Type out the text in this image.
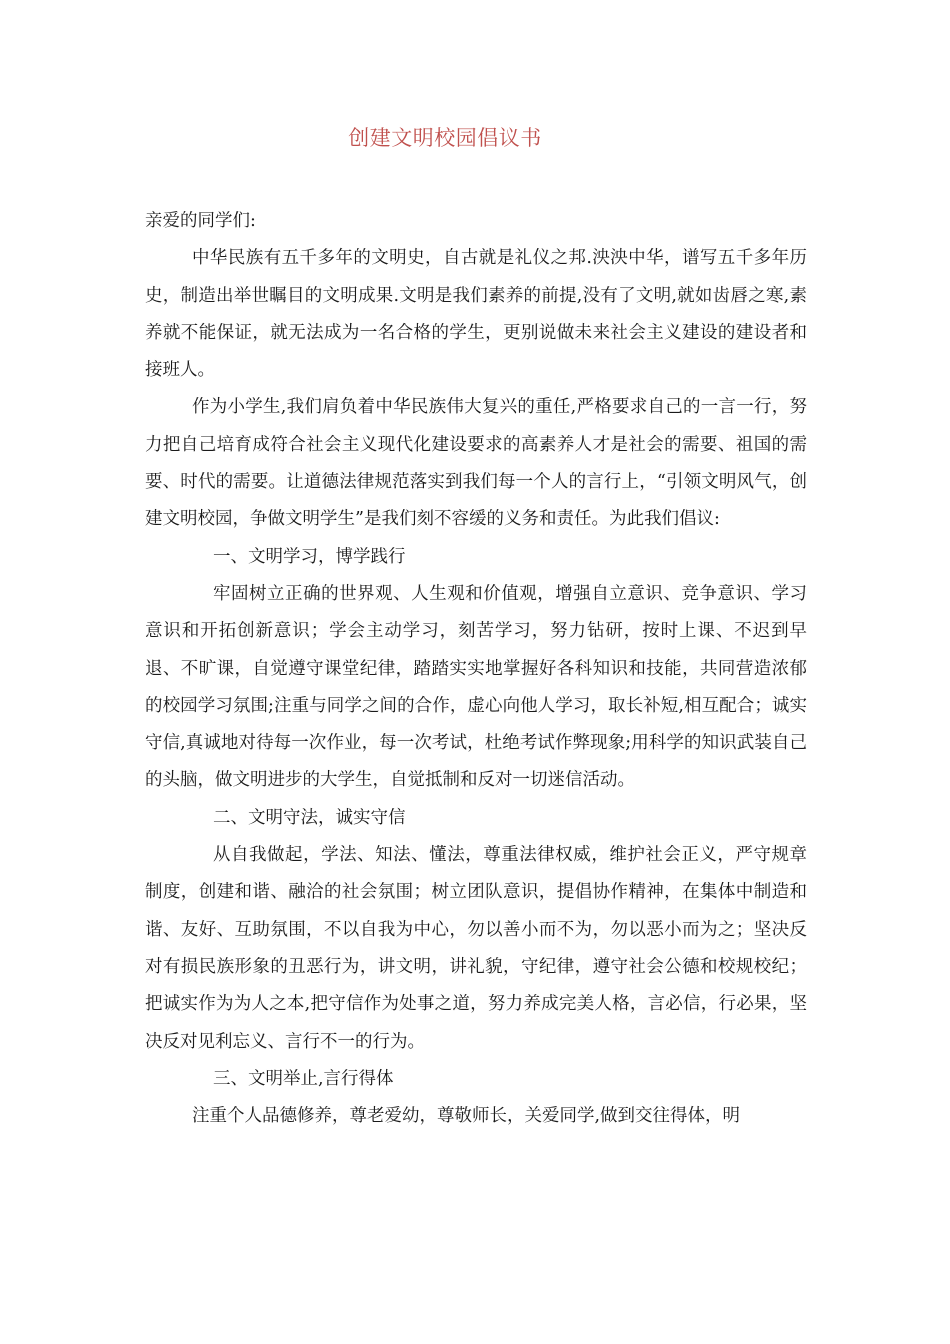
创建文明校园倡议书

亲爱的同学们:

中华民族有五千多年的文明史，自古就是礼仪之邦.泱泱中华，谱写五千多年历史，制造出举世瞩目的文明成果.文明是我们素养的前提,没有了文明,就如齿唇之寒,素养就不能保证，就无法成为一名合格的学生，更别说做未来社会主义建设的建设者和接班人。

作为小学生,我们肩负着中华民族伟大复兴的重任,严格要求自己的一言一行，努力把自己培育成符合社会主义现代化建设要求的高素养人才是社会的需要、祖国的需要、时代的需要。让道德法律规范落实到我们每一个人的言行上，“引领文明风气，创建文明校园，争做文明学生”是我们刻不容缓的义务和责任。为此我们倡议:

一、文明学习，博学践行

牢固树立正确的世界观、人生观和价值观，增强自立意识、竞争意识、学习意识和开拓创新意识；学会主动学习，刻苦学习，努力钻研，按时上课、不迟到早退、不旷课，自觉遵守课堂纪律，踏踏实实地掌握好各科知识和技能，共同营造浓郁的校园学习氛围;注重与同学之间的合作，虚心向他人学习，取长补短,相互配合；诚实守信,真诚地对待每一次作业，每一次考试，杜绝考试作弊现象;用科学的知识武装自己的头脑，做文明进步的大学生，自觉抵制和反对一切迷信活动。

二、文明守法，诚实守信

从自我做起，学法、知法、懂法，尊重法律权威，维护社会正义，严守规章制度，创建和谐、融洽的社会氛围；树立团队意识，提倡协作精神，在集体中制造和谐、友好、互助氛围，不以自我为中心，勿以善小而不为，勿以恶小而为之；坚决反对有损民族形象的丑恶行为，讲文明，讲礼貌，守纪律，遵守社会公德和校规校纪；把诚实作为为人之本,把守信作为处事之道，努力养成完美人格，言必信，行必果，坚决反对见利忘义、言行不一的行为。

三、文明举止,言行得体

注重个人品德修养，尊老爱幼，尊敬师长，关爱同学,做到交往得体，明
